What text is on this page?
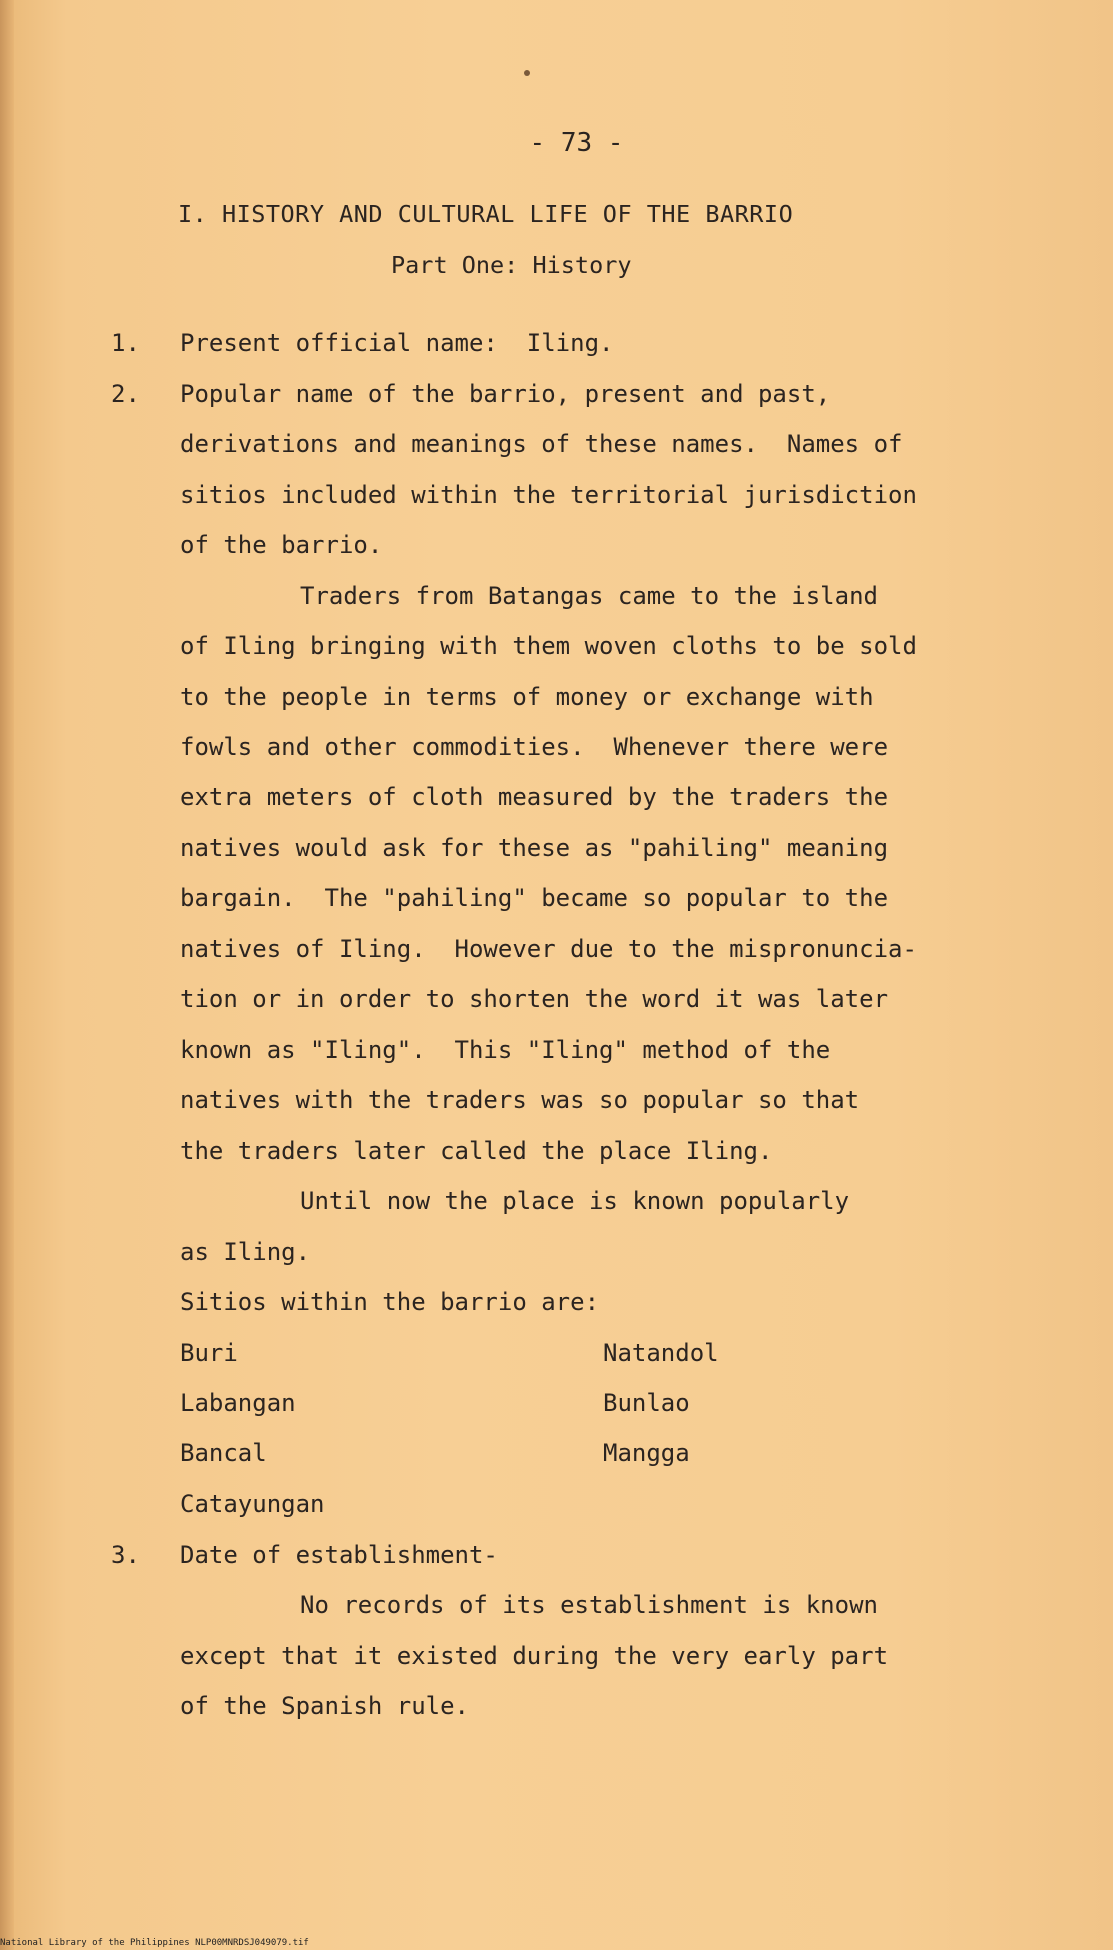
- 73 -
I. HISTORY AND CULTURAL LIFE OF THE BARRIO
Part One: History
1. Present official name:  Iling.
2. Popular name of the barrio, present and past,
derivations and meanings of these names.  Names of
sitios included within the territorial jurisdiction
of the barrio.
Traders from Batangas came to the island
of Iling bringing with them woven cloths to be sold
to the people in terms of money or exchange with
fowls and other commodities.  Whenever there were
extra meters of cloth measured by the traders the
natives would ask for these as "pahiling" meaning
bargain.  The "pahiling" became so popular to the
natives of Iling.  However due to the mispronuncia-
tion or in order to shorten the word it was later
known as "Iling".  This "Iling" method of the
natives with the traders was so popular so that
the traders later called the place Iling.
Until now the place is known popularly
as Iling.
Sitios within the barrio are:
Buri
Labangan
Bancal
Catayungan
Natandol
Bunlao
Mangga
3. Date of establishment-
No records of its establishment is known
except that it existed during the very early part
of the Spanish rule.
National Library of the Philippines NLP00MNRDSJ049079.tif
